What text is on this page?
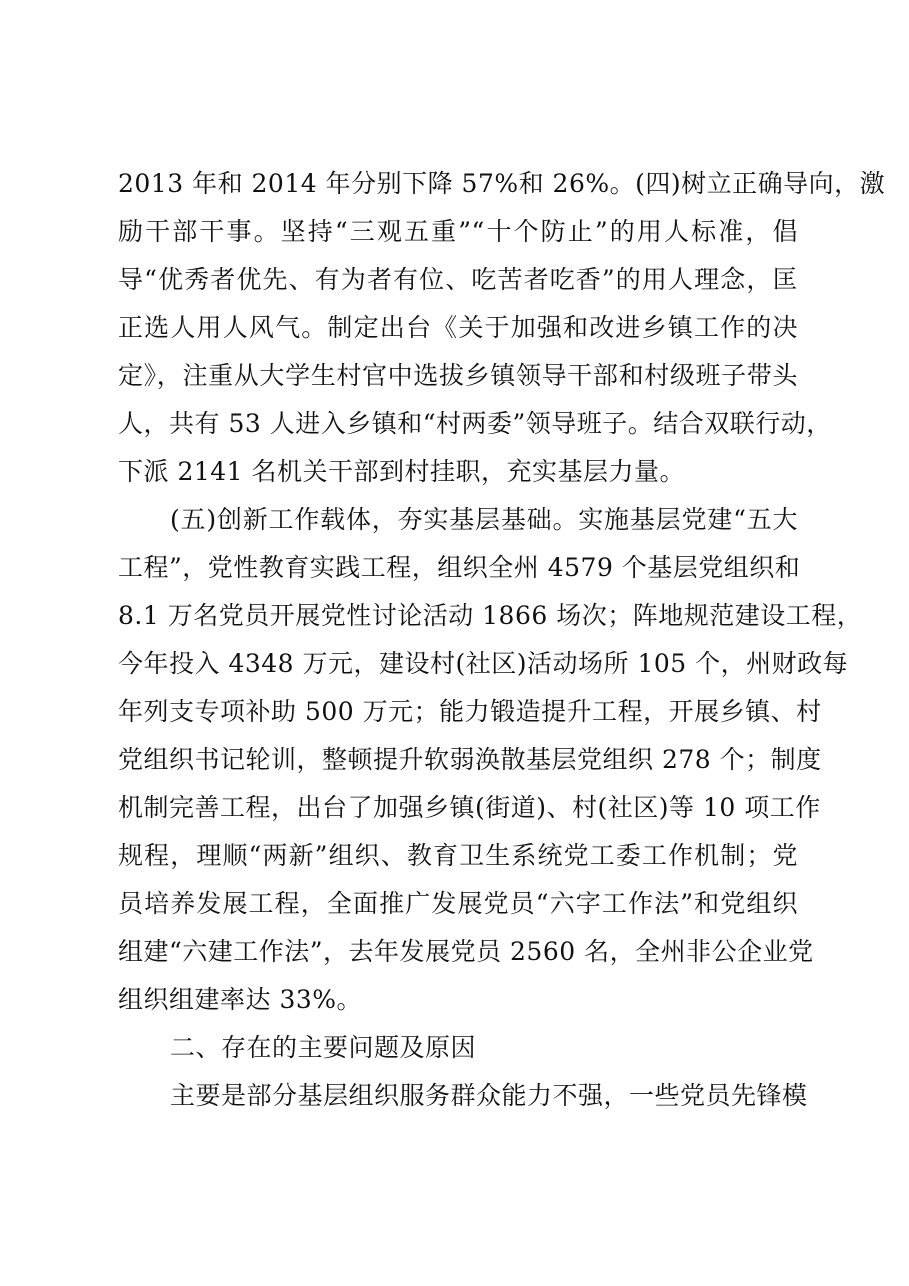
2013 年和 2014 年分别下降 57%和 26%。(四)树立正确导向，激
励干部干事。坚持“三观五重”“十个防止”的用人标准，倡
导“优秀者优先、有为者有位、吃苦者吃香”的用人理念，匡
正选人用人风气。制定出台《关于加强和改进乡镇工作的决
定》，注重从大学生村官中选拔乡镇领导干部和村级班子带头
人，共有 53 人进入乡镇和“村两委”领导班子。结合双联行动，
下派 2141 名机关干部到村挂职，充实基层力量。
(五)创新工作载体，夯实基层基础。实施基层党建“五大
工程”，党性教育实践工程，组织全州 4579 个基层党组织和
8.1 万名党员开展党性讨论活动 1866 场次；阵地规范建设工程，
今年投入 4348 万元，建设村(社区)活动场所 105 个，州财政每
年列支专项补助 500 万元；能力锻造提升工程，开展乡镇、村
党组织书记轮训，整顿提升软弱涣散基层党组织 278 个；制度
机制完善工程，出台了加强乡镇(街道)、村(社区)等 10 项工作
规程，理顺“两新”组织、教育卫生系统党工委工作机制；党
员培养发展工程，全面推广发展党员“六字工作法”和党组织
组建“六建工作法”，去年发展党员 2560 名，全州非公企业党
组织组建率达 33%。
二、存在的主要问题及原因
主要是部分基层组织服务群众能力不强，一些党员先锋模
